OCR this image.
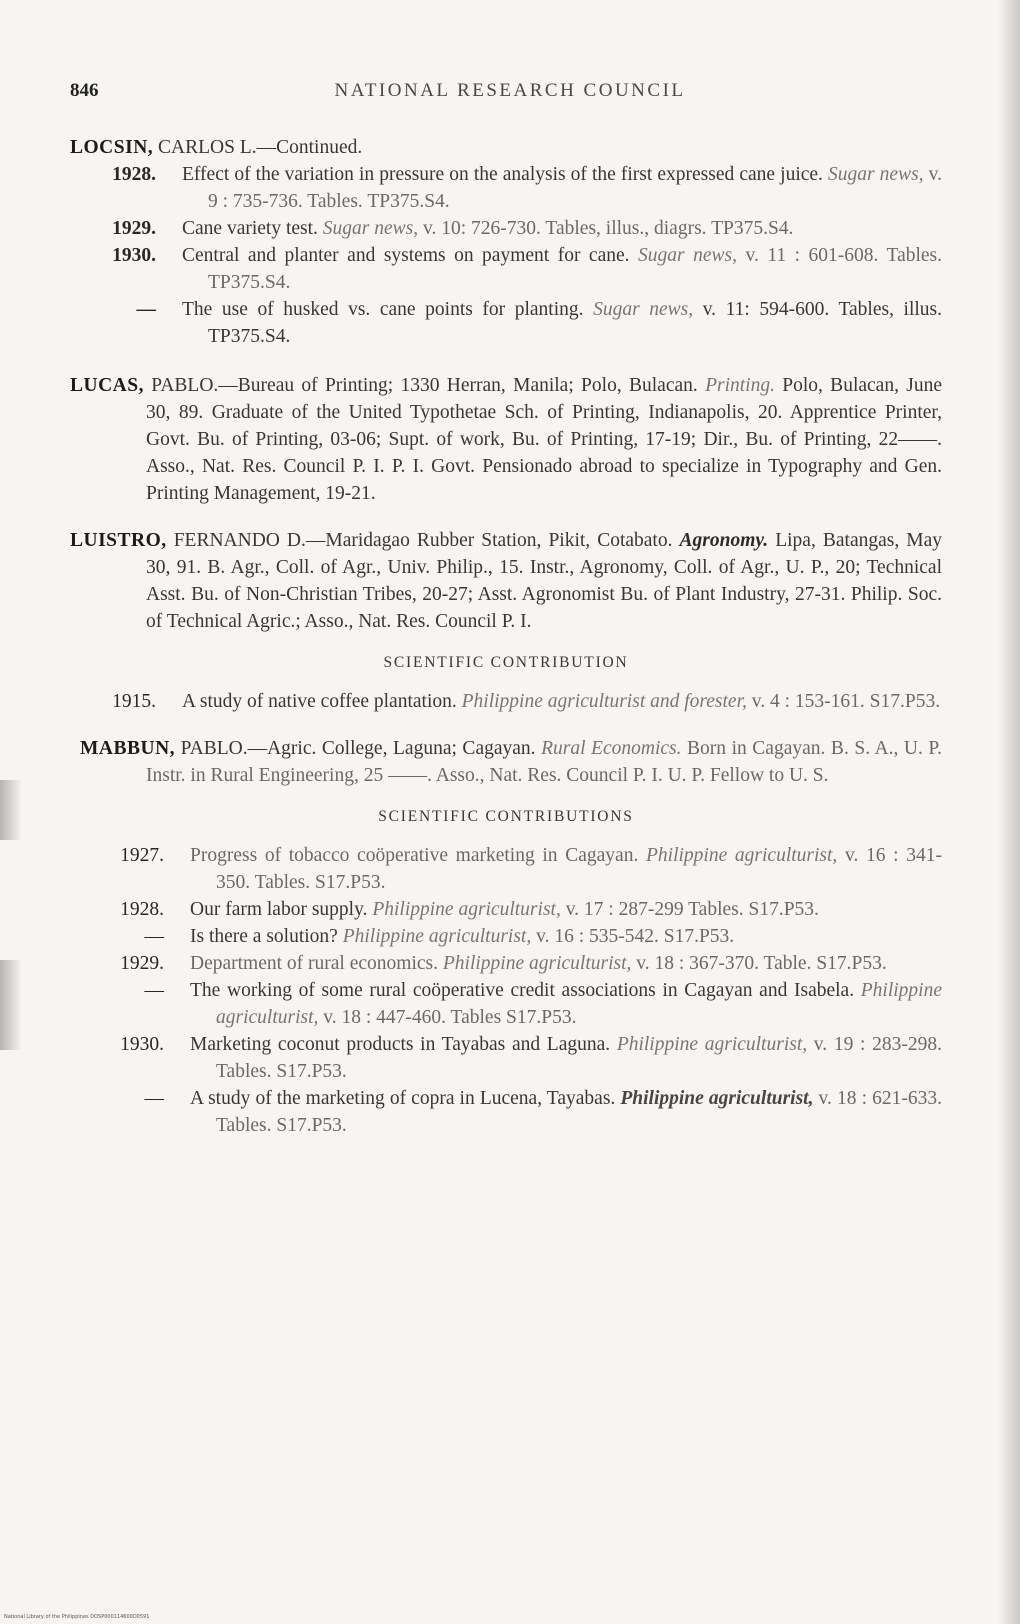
846	NATIONAL RESEARCH COUNCIL
LOCSIN, CARLOS L.—Continued.
1928.	Effect of the variation in pressure on the analysis of the first expressed cane juice. Sugar news, v. 9 : 735-736. Tables. TP375.S4.
1929.	Cane variety test. Sugar news, v. 10: 726-730. Tables, illus., diagrs. TP375.S4.
1930.	Central and planter and systems on payment for cane. Sugar news, v. 11 : 601-608. Tables. TP375.S4.
—	The use of husked vs. cane points for planting. Sugar news, v. 11: 594-600. Tables, illus. TP375.S4.

LUCAS, PABLO.—Bureau of Printing; 1330 Herran, Manila; Polo, Bulacan. Printing. Polo, Bulacan, June 30, 89. Graduate of the United Typothetae Sch. of Printing, Indianapolis, 20. Apprentice Printer, Govt. Bu. of Printing, 03-06; Supt. of work, Bu. of Printing, 17-19; Dir., Bu. of Printing, 22——. Asso., Nat. Res. Council P. I. P. I. Govt. Pensionado abroad to specialize in Typography and Gen. Printing Management, 19-21.

LUISTRO, FERNANDO D.—Maridagao Rubber Station, Pikit, Cotabato. Agronomy. Lipa, Batangas, May 30, 91. B. Agr., Coll. of Agr., Univ. Philip., 15. Instr., Agronomy, Coll. of Agr., U. P., 20; Technical Asst. Bu. of Non-Christian Tribes, 20-27; Asst. Agronomist Bu. of Plant Industry, 27-31. Philip. Soc. of Technical Agric.; Asso., Nat. Res. Council P. I.

SCIENTIFIC CONTRIBUTION
1915.	A study of native coffee plantation. Philippine agriculturist and forester, v. 4 : 153-161. S17.P53.

MABBUN, PABLO.—Agric. College, Laguna; Cagayan. Rural Economics. Born in Cagayan. B. S. A., U. P. Instr. in Rural Engineering, 25 ——. Asso., Nat. Res. Council P. I. U. P. Fellow to U. S.

SCIENTIFIC CONTRIBUTIONS
1927.	Progress of tobacco coöperative marketing in Cagayan. Philippine agriculturist, v. 16 : 341-350. Tables. S17.P53.
1928.	Our farm labor supply. Philippine agriculturist, v. 17 : 287-299 Tables. S17.P53.
—	Is there a solution? Philippine agriculturist, v. 16 : 535-542. S17.P53.
1929.	Department of rural economics. Philippine agriculturist, v. 18 : 367-370. Table. S17.P53.
—	The working of some rural coöperative credit associations in Cagayan and Isabela. Philippine agriculturist, v. 18 : 447-460. Tables S17.P53.
1930.	Marketing coconut products in Tayabas and Laguna. Philippine agriculturist, v. 19 : 283-298. Tables. S17.P53.
—	A study of the marketing of copra in Lucena, Tayabas. Philippine agriculturist, v. 18 : 621-633. Tables. S17.P53.
National Library of the Philippines DOSP000114600D0591
